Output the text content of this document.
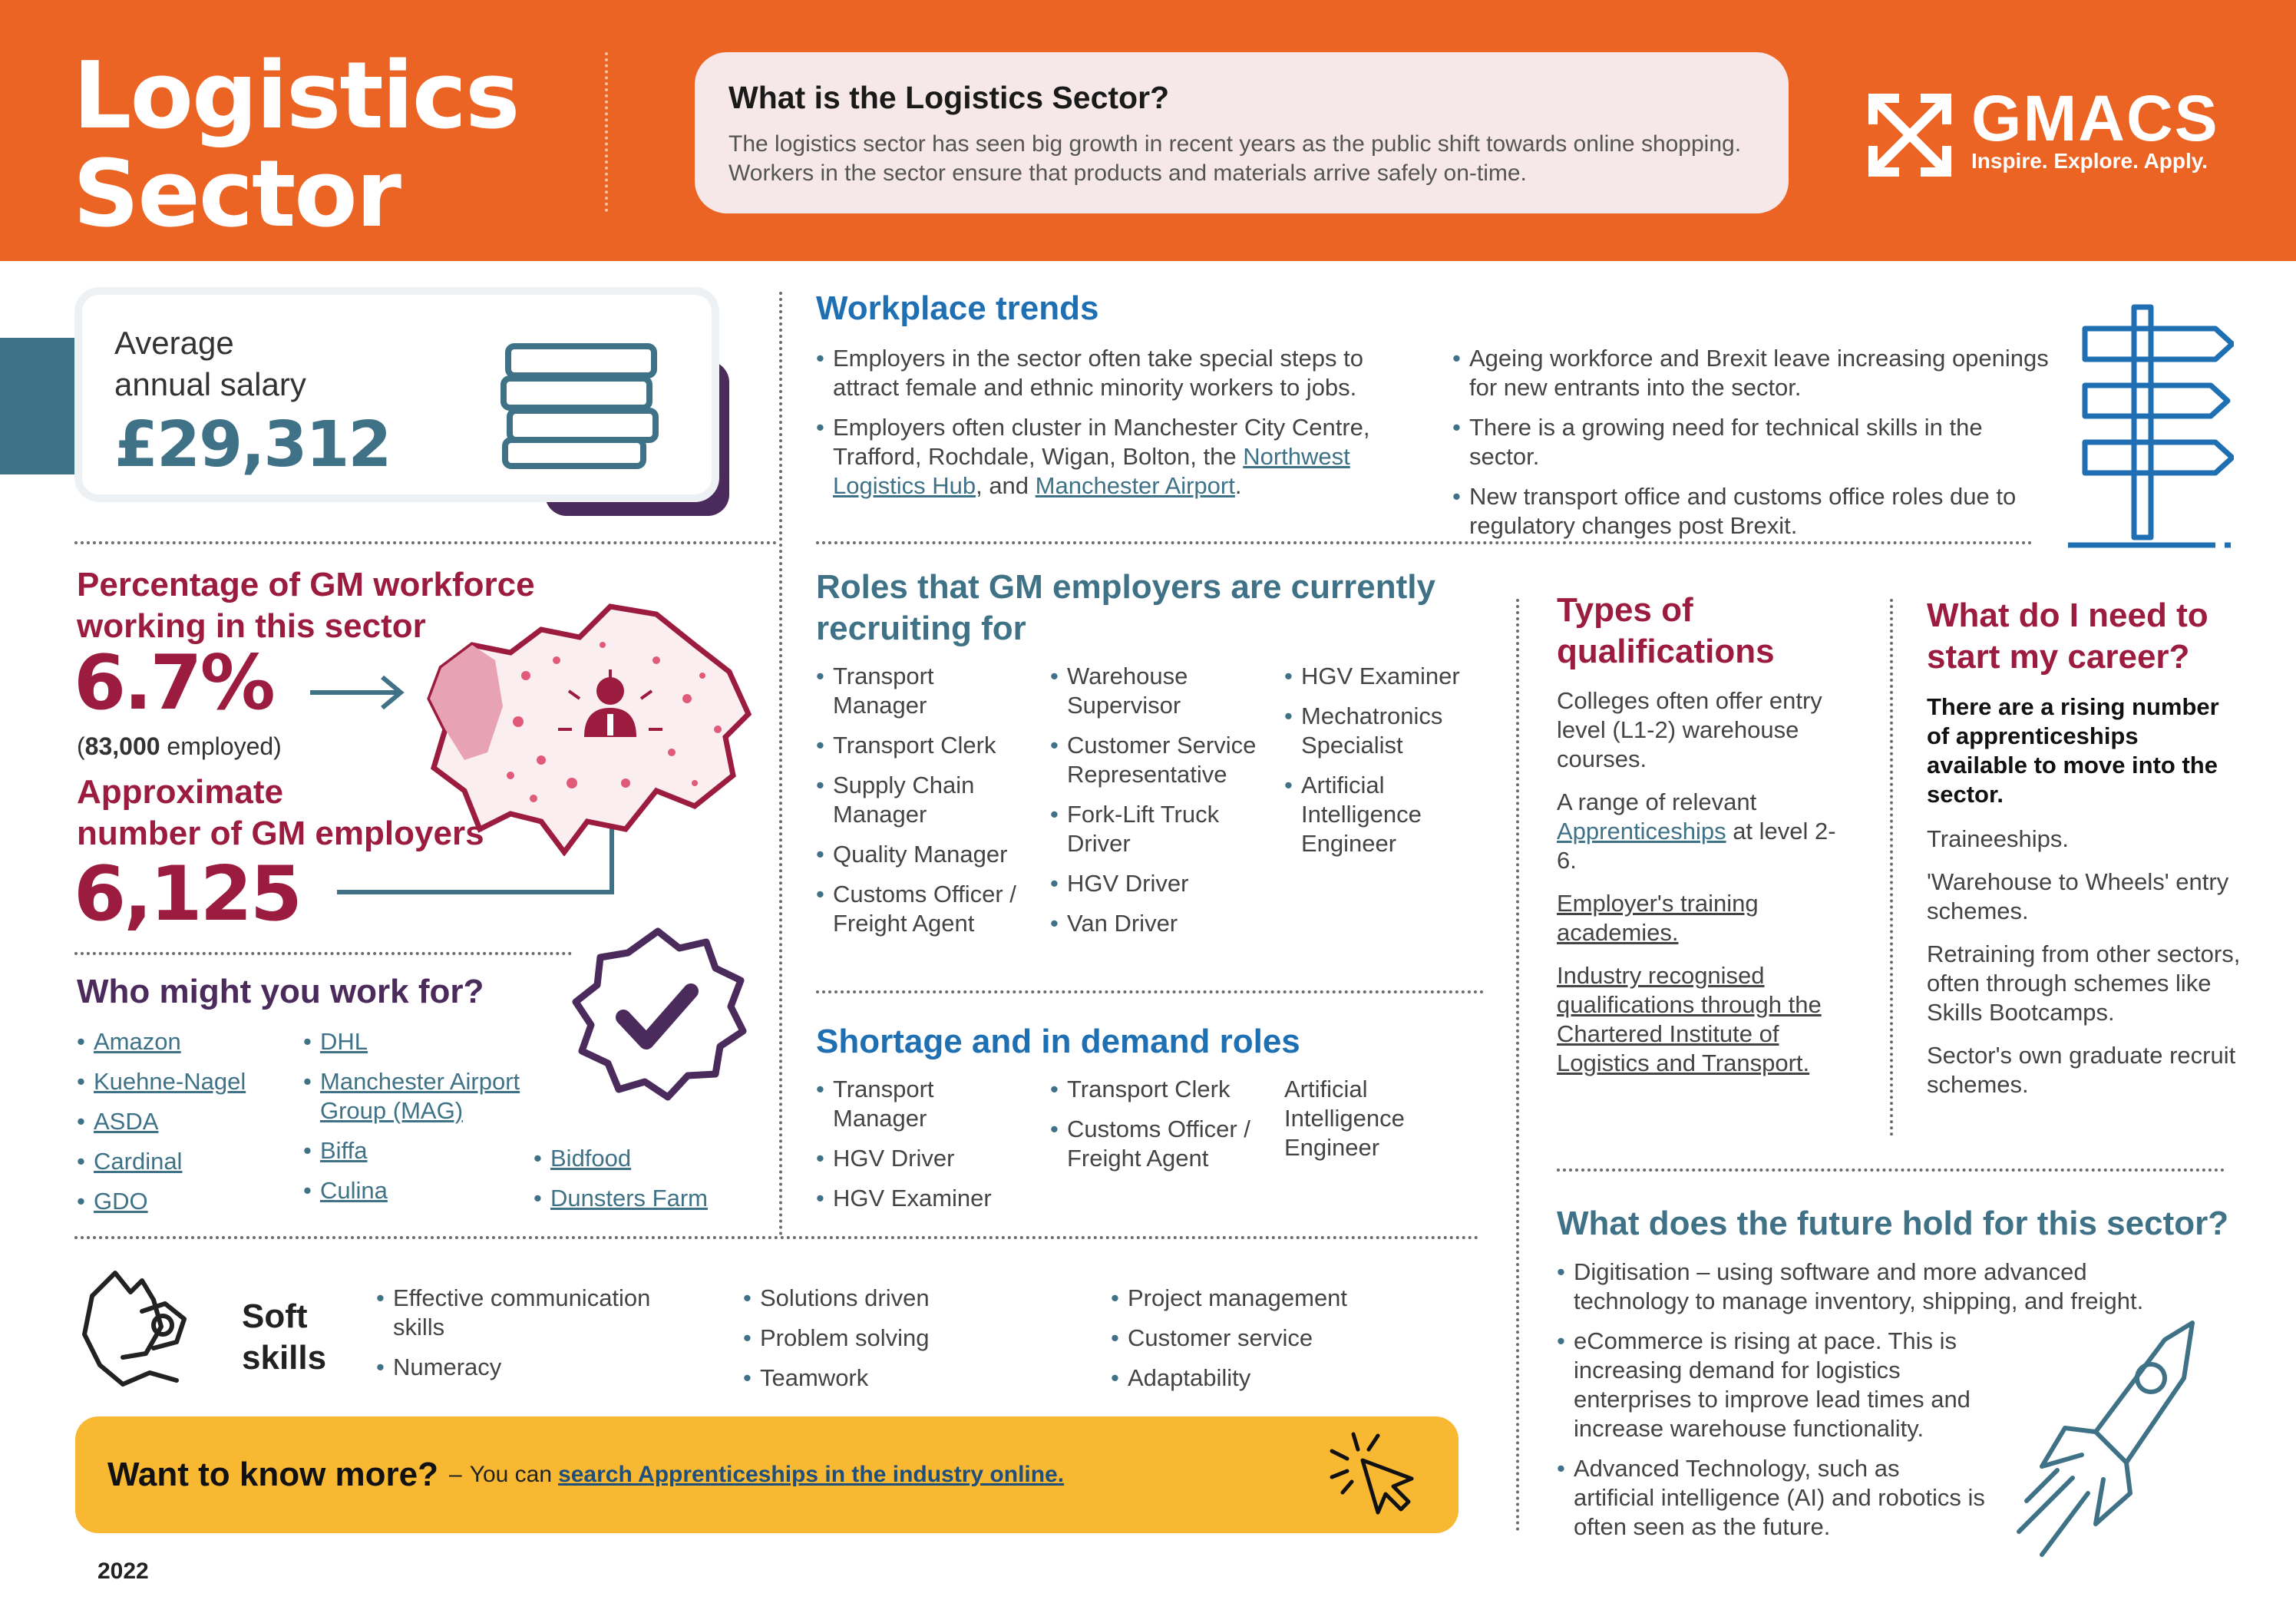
Logistics
Sector
What is the Logistics Sector?

The logistics sector has seen big growth in recent years as the public shift towards online shopping. Workers in the sector ensure that products and materials arrive safely on-time.

GMACS
Inspire. Explore. Apply.
Average
annual salary
£29,312
Percentage of GM workforce
working in this sector
6.7%
(83,000 employed)
Approximate
number of GM employers
6,125
Who might you work for?
• Amazon
• Kuehne-Nagel
• ASDA
• Cardinal
• GDO
• DHL
• Manchester Airport Group (MAG)
• Biffa
• Culina
• Bidfood
• Dunsters Farm
Workplace trends
• Employers in the sector often take special steps to attract female and ethnic minority workers to jobs.
• Employers often cluster in Manchester City Centre, Trafford, Rochdale, Wigan, Bolton, the Northwest Logistics Hub, and Manchester Airport.
• Ageing workforce and Brexit leave increasing openings for new entrants into the sector.
• There is a growing need for technical skills in the sector.
• New transport office and customs office roles due to regulatory changes post Brexit.
Roles that GM employers are currently recruiting for
• Transport Manager
• Transport Clerk
• Supply Chain Manager
• Quality Manager
• Customs Officer / Freight Agent
• Warehouse Supervisor
• Customer Service Representative
• Fork-Lift Truck Driver
• HGV Driver
• Van Driver
• HGV Examiner
• Mechatronics Specialist
• Artificial Intelligence Engineer
Shortage and in demand roles
• Transport Manager
• HGV Driver
• HGV Examiner
• Transport Clerk
• Customs Officer / Freight Agent
Artificial Intelligence Engineer
Types of
qualifications

Colleges often offer entry level (L1-2) warehouse courses.

A range of relevant Apprenticeships at level 2-6.

Employer's training academies.

Industry recognised qualifications through the Chartered Institute of Logistics and Transport.

What do I need to
start my career?

There are a rising number of apprenticeships available to move into the sector.

Traineeships.

'Warehouse to Wheels' entry schemes.

Retraining from other sectors, often through schemes like Skills Bootcamps.

Sector's own graduate recruit schemes.

What does the future hold for this sector?
• Digitisation – using software and more advanced technology to manage inventory, shipping, and freight.
• eCommerce is rising at pace. This is increasing demand for logistics enterprises to improve lead times and increase warehouse functionality.
• Advanced Technology, such as artificial intelligence (AI) and robotics is often seen as the future.
Soft
skills
• Effective communication skills
• Numeracy
• Solutions driven
• Problem solving
• Teamwork
• Project management
• Customer service
• Adaptability
Want to know more? – You can search Apprenticeships in the industry online.
2022
